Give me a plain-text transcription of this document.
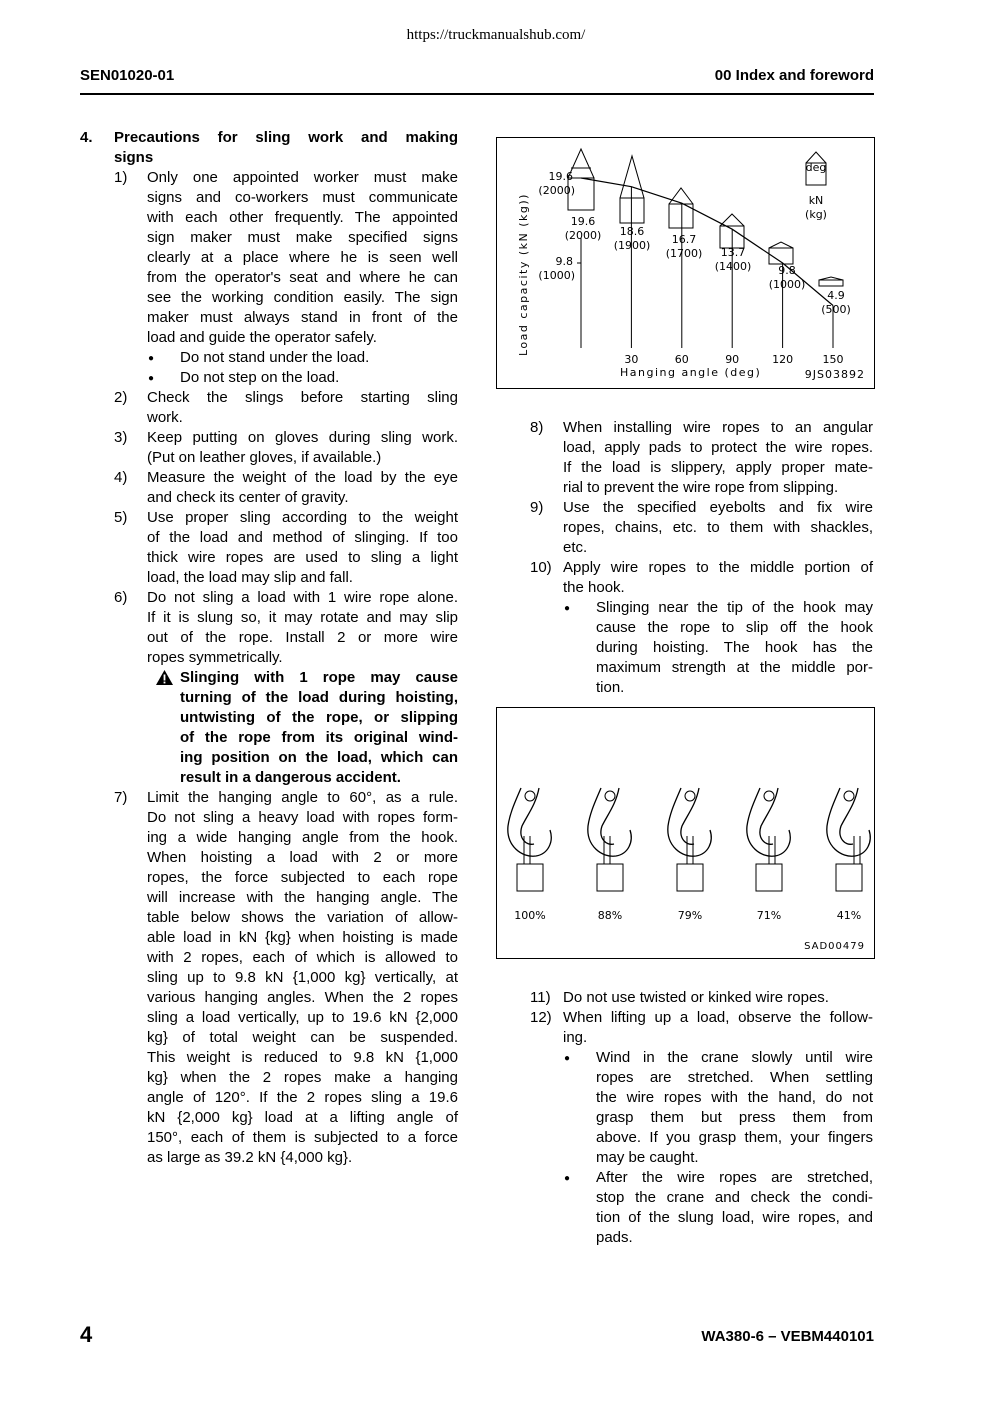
https://truckmanualshub.com/
SEN01020-01	00 Index and foreword
4. Precautions for sling work and making
signs
1) Only one appointed worker must make
signs and co-workers must communicate
with each other frequently. The appointed
sign maker must make specified signs
clearly at a place where he is seen well
from the operator's seat and where he can
see the working condition easily. The sign
maker must always stand in front of the
load and guide the operator safely.
● Do not stand under the load.
● Do not step on the load.
2) Check the slings before starting sling
work.
3) Keep putting on gloves during sling work.
(Put on leather gloves, if available.)
4) Measure the weight of the load by the eye
and check its center of gravity.
5) Use proper sling according to the weight
of the load and method of slinging. If too
thick wire ropes are used to sling a light
load, the load may slip and fall.
6) Do not sling a load with 1 wire rope alone.
If it is slung so, it may rotate and may slip
out of the rope. Install 2 or more wire
ropes symmetrically.
7) Limit the hanging angle to 60°, as a rule.
Do not sling a heavy load with ropes form-
ing a wide hanging angle from the hook.
When hoisting a load with 2 or more
ropes, the force subjected to each rope
will increase with the hanging angle. The
table below shows the variation of allow-
able load in kN {kg} when hoisting is made
with 2 ropes, each of which is allowed to
sling up to 9.8 kN {1,000 kg} vertically, at
various hanging angles. When the 2 ropes
sling a load vertically, up to 19.6 kN {2,000
kg} of total weight can be suspended.
This weight is reduced to 9.8 kN {1,000
kg} when the 2 ropes make a hanging
angle of 120°. If the 2 ropes sling a 19.6
kN {2,000 kg} load at a lifting angle of
150°, each of them is subjected to a force
as large as 39.2 kN {4,000 kg}.
Slinging with 1 rope may cause
turning of the load during hoisting,
untwisting of the rope, or slipping
of the rope from its original wind-
ing position on the load, which can
result in a dangerous accident.
19.6
(2000)
9.8
(1000)
30	60	90	120	150
Hanging angle (deg)	9JS03892
Load capacity (kN (kg))	19.6
(2000) 18.6
(1900) 16.7
(1700) 13.7
(1400) 9.8
(1000)
4.9
(500)
kN
(kg)
deg
8) When installing wire ropes to an angular
load, apply pads to protect the wire ropes.
If the load is slippery, apply proper mate-
rial to prevent the wire rope from slipping.
9) Use the specified eyebolts and fix wire
ropes, chains, etc. to them with shackles,
etc.
10) Apply wire ropes to the middle portion of
the hook.
● Slinging near the tip of the hook may
cause the rope to slip off the hook
during hoisting. The hook has the
maximum strength at the middle por-
tion.
11) Do not use twisted or kinked wire ropes.
12) When lifting up a load, observe the follow-
ing.
● Wind in the crane slowly until wire
ropes are stretched. When settling
the wire ropes with the hand, do not
grasp them but press them from
above. If you grasp them, your fingers
may be caught.
● After the wire ropes are stretched,
stop the crane and check the condi-
tion of the slung load, wire ropes, and
pads.
100%	88%	79%	71%	41%
SAD00479
4	WA380-6 – VEBM440101
